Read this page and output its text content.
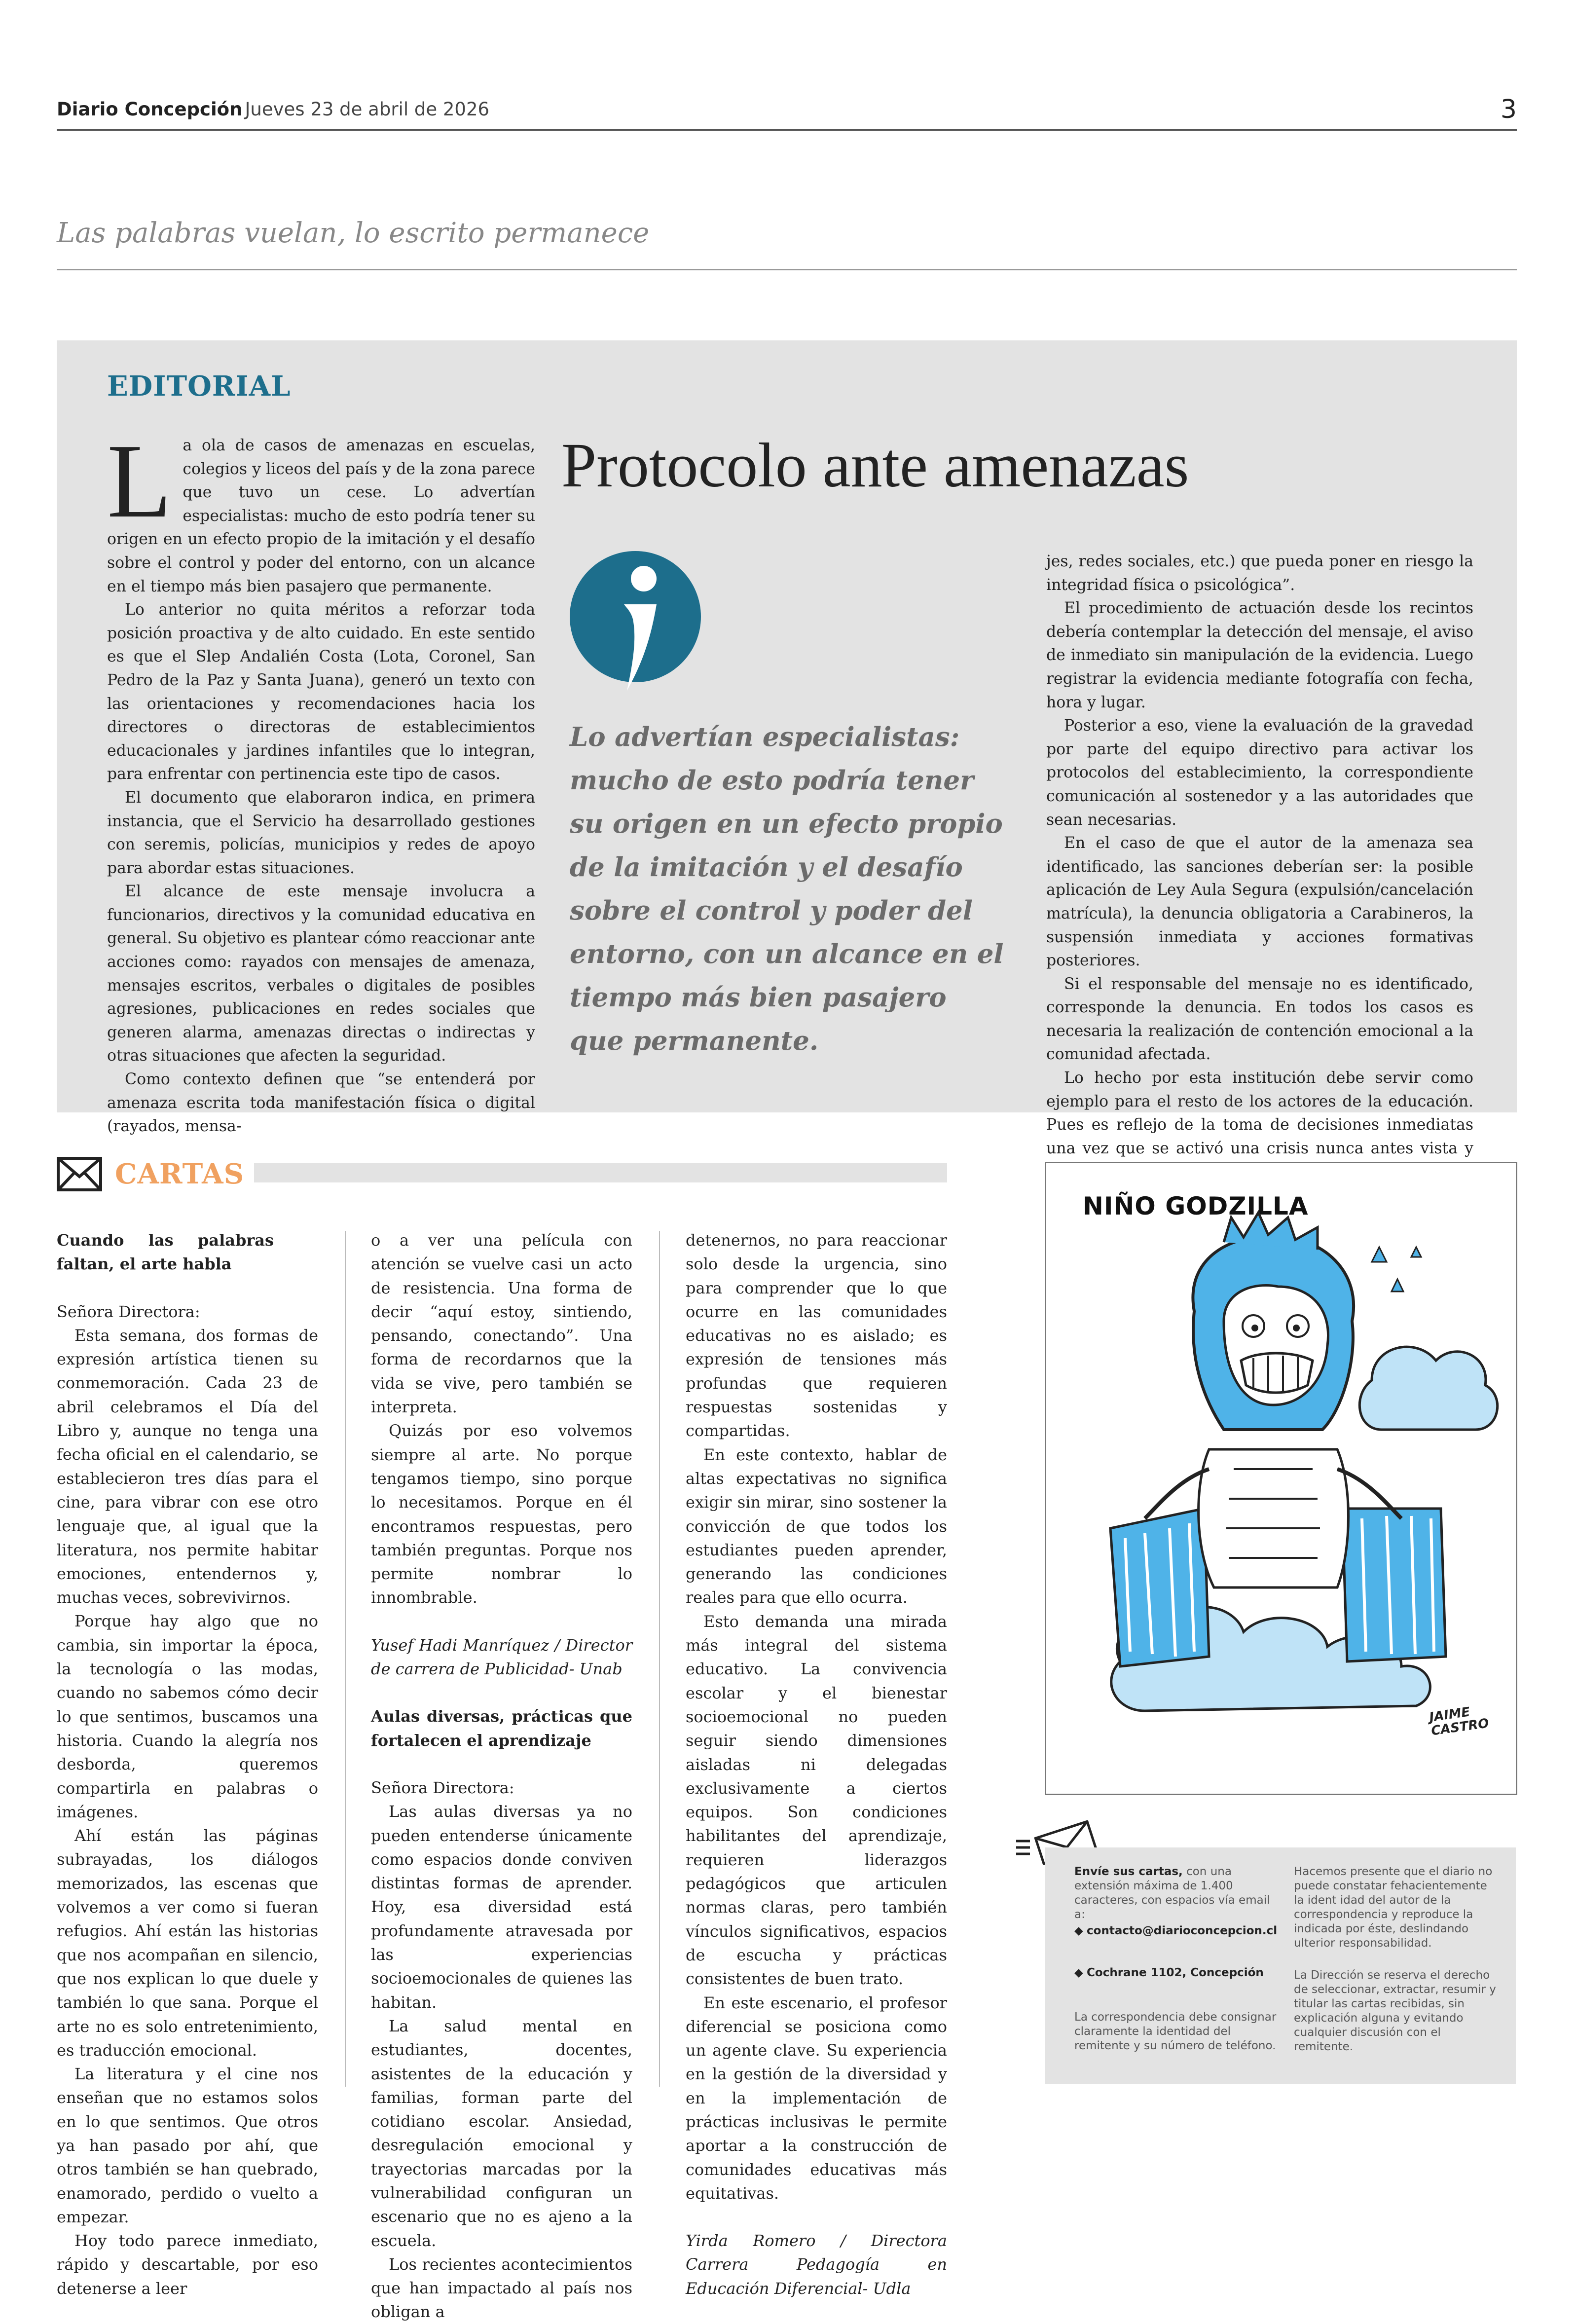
Diario Concepción Jueves 23 de abril de 2026	3
Las palabras vuelan, lo escrito permanece
EDITORIAL

La ola de casos de amenazas en escuelas, colegios y liceos del país y de la zona parece que tuvo un cese. Lo advertían especialistas: mucho de esto podría tener su origen en un efecto propio de la imitación y el desafío sobre el control y poder del entorno, con un alcance en el tiempo más bien pasajero que permanente.

Lo anterior no quita méritos a reforzar toda posición proactiva y de alto cuidado. En este sentido es que el Slep Andalién Costa (Lota, Coronel, San Pedro de la Paz y Santa Juana), generó un texto con las orientaciones y recomendaciones hacia los directores o directoras de establecimientos educacionales y jardines infantiles que lo integran, para enfrentar con pertinencia este tipo de casos.

El documento que elaboraron indica, en primera instancia, que el Servicio ha desarrollado gestiones con seremis, policías, municipios y redes de apoyo para abordar estas situaciones.

El alcance de este mensaje involucra a funcionarios, directivos y la comunidad educativa en general. Su objetivo es plantear cómo reaccionar ante acciones como: rayados con mensajes de amenaza, mensajes escritos, verbales o digitales de posibles agresiones, publicaciones en redes sociales que generen alarma, amenazas directas o indirectas y otras situaciones que afecten la seguridad.

Como contexto definen que “se entenderá por amenaza escrita toda manifestación física o digital (rayados, mensa-

Protocolo ante amenazas
Lo advertían especialistas: mucho de esto podría tener su origen en un efecto propio de la imitación y el desafío sobre el control y poder del entorno, con un alcance en el tiempo más bien pasajero que permanente.

jes, redes sociales, etc.) que pueda poner en riesgo la integridad física o psicológica”.

El procedimiento de actuación desde los recintos debería contemplar la detección del mensaje, el aviso de inmediato sin manipulación de la evidencia. Luego registrar la evidencia mediante fotografía con fecha, hora y lugar.

Posterior a eso, viene la evaluación de la gravedad por parte del equipo directivo para activar los protocolos del establecimiento, la correspondiente comunicación al sostenedor y a las autoridades que sean necesarias.

En el caso de que el autor de la amenaza sea identificado, las sanciones deberían ser: la posible aplicación de Ley Aula Segura (expulsión/cancelación matrícula), la denuncia obligatoria a Carabineros, la suspensión inmediata y acciones formativas posteriores.

Si el responsable del mensaje no es identificado, corresponde la denuncia. En todos los casos es necesaria la realización de contención emocional a la comunidad afectada.

Lo hecho por esta institución debe servir como ejemplo para el resto de los actores de la educación. Pues es reflejo de la toma de decisiones inmediatas una vez que se activó una crisis nunca antes vista y

CARTAS

Cuando las palabras faltan, el arte habla

Señora Directora:

Esta semana, dos formas de expresión artística tienen su conmemoración. Cada 23 de abril celebramos el Día del Libro y, aunque no tenga una fecha oficial en el calendario, se establecieron tres días para el cine, para vibrar con ese otro lenguaje que, al igual que la literatura, nos permite habitar emociones, entendernos y, muchas veces, sobrevivirnos.

Porque hay algo que no cambia, sin importar la época, la tecnología o las modas, cuando no sabemos cómo decir lo que sentimos, buscamos una historia. Cuando la alegría nos desborda, queremos compartirla en palabras o imágenes.

Ahí están las páginas subrayadas, los diálogos memorizados, las escenas que volvemos a ver como si fueran refugios. Ahí están las historias que nos acompañan en silencio, que nos explican lo que duele y también lo que sana. Porque el arte no es solo entretenimiento, es traducción emocional.

La literatura y el cine nos enseñan que no estamos solos en lo que sentimos. Que otros ya han pasado por ahí, que otros también se han quebrado, enamorado, perdido o vuelto a empezar.

Hoy todo parece inmediato, rápido y descartable, por eso detenerse a leer

o a ver una película con atención se vuelve casi un acto de resistencia. Una forma de decir “aquí estoy, sintiendo, pensando, conectando”. Una forma de recordarnos que la vida se vive, pero también se interpreta.

Quizás por eso volvemos siempre al arte. No porque tengamos tiempo, sino porque lo necesitamos. Porque en él encontramos respuestas, pero también preguntas. Porque nos permite nombrar lo innombrable.

Yusef Hadi Manríquez / Director de carrera de Publicidad- Unab

Aulas diversas, prácticas que fortalecen el aprendizaje

Señora Directora:

Las aulas diversas ya no pueden entenderse únicamente como espacios donde conviven distintas formas de aprender. Hoy, esa diversidad está profundamente atravesada por las experiencias socioemocionales de quienes las habitan.

La salud mental en estudiantes, docentes, asistentes de la educación y familias, forman parte del cotidiano escolar. Ansiedad, desregulación emocional y trayectorias marcadas por la vulnerabilidad configuran un escenario que no es ajeno a la escuela.

Los recientes acontecimientos que han impactado al país nos obligan a

detenernos, no para reaccionar solo desde la urgencia, sino para comprender que lo que ocurre en las comunidades educativas no es aislado; es expresión de tensiones más profundas que requieren respuestas sostenidas y compartidas.

En este contexto, hablar de altas expectativas no significa exigir sin mirar, sino sostener la convicción de que todos los estudiantes pueden aprender, generando las condiciones reales para que ello ocurra.

Esto demanda una mirada más integral del sistema educativo. La convivencia escolar y el bienestar socioemocional no pueden seguir siendo dimensiones aisladas ni delegadas exclusivamente a ciertos equipos. Son condiciones habilitantes del aprendizaje, requieren liderazgos pedagógicos que articulen normas claras, pero también vínculos significativos, espacios de escucha y prácticas consistentes de buen trato.

En este escenario, el profesor diferencial se posiciona como un agente clave. Su experiencia en la gestión de la diversidad y en la implementación de prácticas inclusivas le permite aportar a la construcción de comunidades educativas más equitativas.

Yirda Romero / Directora Carrera Pedagogía en Educación Diferencial- Udla

NIÑO GODZILLA
JAIME CASTRO
Envíe sus cartas, con una extensión máxima de 1.400 caracteres, con espacios vía email a:
◆ contacto@diarioconcepcion.cl
◆ Cochrane 1102, Concepción
La correspondencia debe consignar claramente la identidad del remitente y su número de teléfono.
Hacemos presente que el diario no puede constatar fehacientemente la ident idad del autor de la correspondencia y reproduce la indicada por éste, deslindando ulterior responsabilidad.
La Dirección se reserva el derecho de seleccionar, extractar, resumir y titular las cartas recibidas, sin explicación alguna y evitando cualquier discusión con el remitente.
